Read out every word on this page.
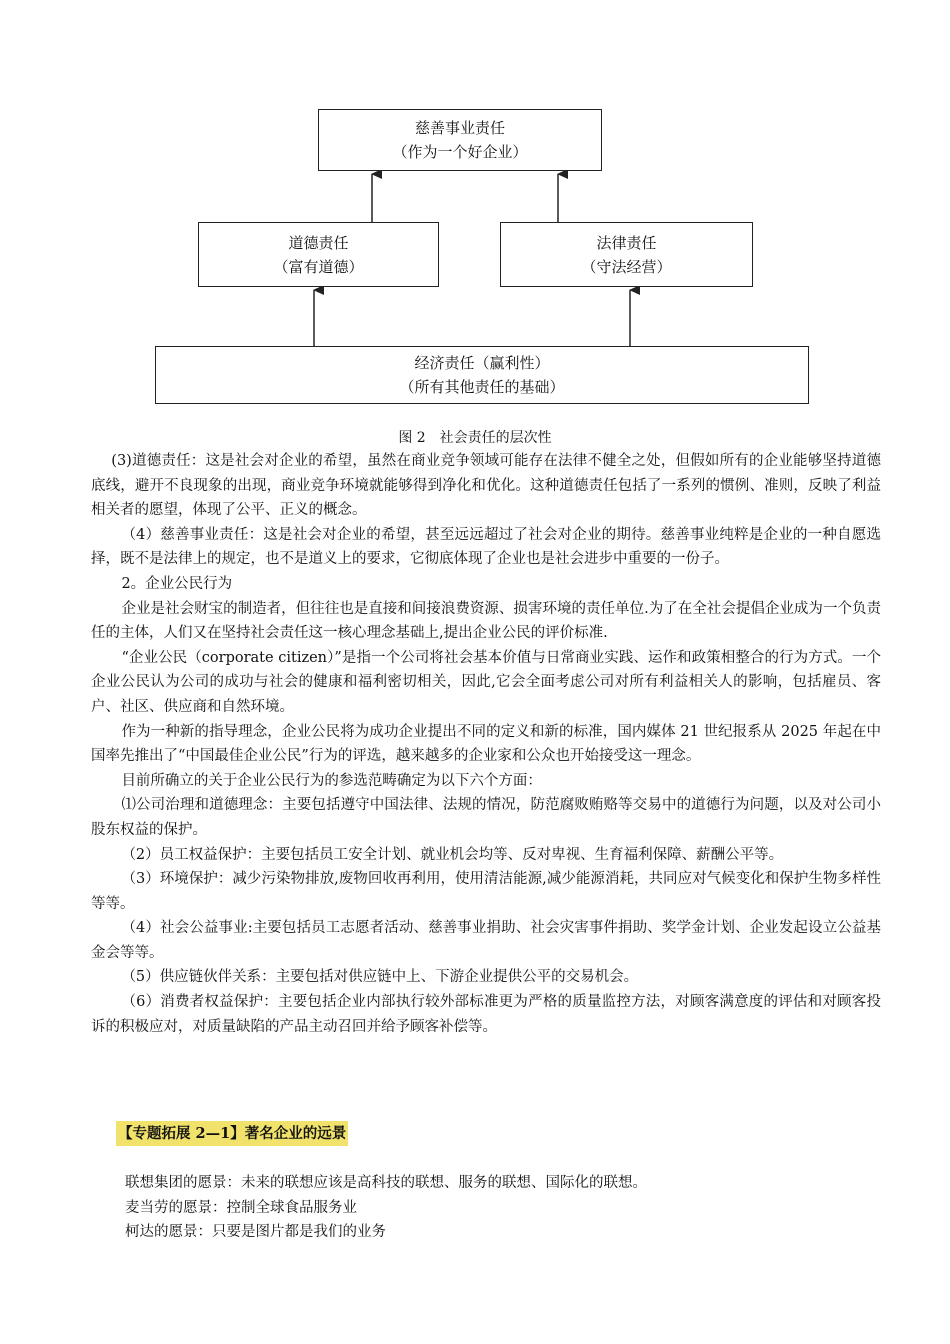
慈善事业责任
（作为一个好企业）
道德责任
（富有道德）
法律责任
（守法经营）
经济责任（赢利性）
（所有其他责任的基础）
图 2　社会责任的层次性

(3)道德责任：这是社会对企业的希望，虽然在商业竞争领域可能存在法律不健全之处，但假如所有的企业能够坚持道德底线，避开不良现象的出现，商业竞争环境就能够得到净化和优化。这种道德责任包括了一系列的惯例、准则，反映了利益相关者的愿望，体现了公平、正义的概念。

（4）慈善事业责任：这是社会对企业的希望，甚至远远超过了社会对企业的期待。慈善事业纯粹是企业的一种自愿选择，既不是法律上的规定，也不是道义上的要求，它彻底体现了企业也是社会进步中重要的一份子。

2。企业公民行为

企业是社会财宝的制造者，但往往也是直接和间接浪费资源、损害环境的责任单位.为了在全社会提倡企业成为一个负责任的主体，人们又在坚持社会责任这一核心理念基础上,提出企业公民的评价标准.

“企业公民（corporate citizen）”是指一个公司将社会基本价值与日常商业实践、运作和政策相整合的行为方式。一个企业公民认为公司的成功与社会的健康和福利密切相关，因此,它会全面考虑公司对所有利益相关人的影响，包括雇员、客户、社区、供应商和自然环境。

作为一种新的指导理念，企业公民将为成功企业提出不同的定义和新的标准，国内媒体 21 世纪报系从 2025 年起在中国率先推出了“中国最佳企业公民”行为的评选，越来越多的企业家和公众也开始接受这一理念。

目前所确立的关于企业公民行为的参选范畴确定为以下六个方面：

⑴公司治理和道德理念：主要包括遵守中国法律、法规的情况，防范腐败贿赂等交易中的道德行为问题，以及对公司小股东权益的保护。

（2）员工权益保护：主要包括员工安全计划、就业机会均等、反对卑视、生育福利保障、薪酬公平等。

（3）环境保护：减少污染物排放,废物回收再利用，使用清洁能源,减少能源消耗，共同应对气候变化和保护生物多样性等等。

（4）社会公益事业:主要包括员工志愿者活动、慈善事业捐助、社会灾害事件捐助、奖学金计划、企业发起设立公益基金会等等。

（5）供应链伙伴关系：主要包括对供应链中上、下游企业提供公平的交易机会。

（6）消费者权益保护：主要包括企业内部执行较外部标准更为严格的质量监控方法，对顾客满意度的评估和对顾客投诉的积极应对，对质量缺陷的产品主动召回并给予顾客补偿等。

【专题拓展 2—1】著名企业的远景
联想集团的愿景：未来的联想应该是高科技的联想、服务的联想、国际化的联想。
麦当劳的愿景：控制全球食品服务业
柯达的愿景：只要是图片都是我们的业务
